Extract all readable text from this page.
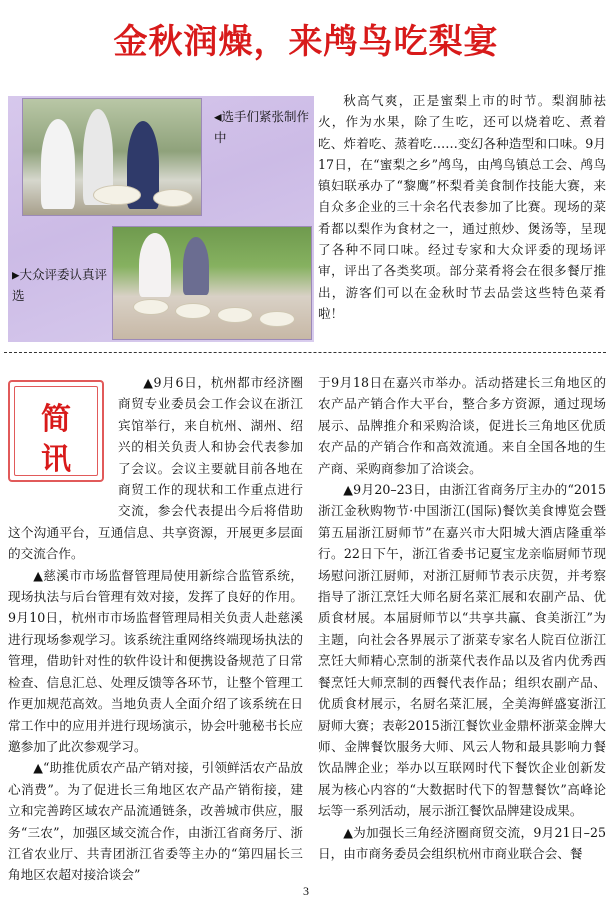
金秋润燥，来鸬鸟吃梨宴
◀选手们紧张制作中
▶大众评委认真评选

秋高气爽，正是蜜梨上市的时节。梨润肺祛火，作为水果，除了生吃，还可以烧着吃、煮着吃、炸着吃、蒸着吃……变幻各种造型和口味。9月17日，在“蜜梨之乡”鸬鸟，由鸬鸟镇总工会、鸬鸟镇妇联承办了“黎鹰”杯梨肴美食制作技能大赛，来自众多企业的三十余名代表参加了比赛。现场的菜肴都以梨作为食材之一，通过煎炒、煲汤等，呈现了各种不同口味。经过专家和大众评委的现场评审，评出了各类奖项。部分菜肴将会在很多餐厅推出，游客们可以在金秋时节去品尝这些特色菜肴啦！

简
讯

▲9月6日，杭州都市经济圈商贸专业委员会工作会议在浙江宾馆举行，来自杭州、湖州、绍兴的相关负责人和协会代表参加了会议。会议主要就目前各地在商贸工作的现状和工作重点进行交流，参会代表提出今后将借助这个沟通平台，互通信息、共享资源，开展更多层面的交流合作。

▲慈溪市市场监督管理局使用新综合监管系统，现场执法与后台管理有效对接，发挥了良好的作用。9月10日，杭州市市场监督管理局相关负责人赴慈溪进行现场参观学习。该系统注重网络终端现场执法的管理，借助针对性的软件设计和便携设备规范了日常检查、信息汇总、处理反馈等各环节，让整个管理工作更加规范高效。当地负责人全面介绍了该系统在日常工作中的应用并进行现场演示，协会叶驰秘书长应邀参加了此次参观学习。

▲“助推优质农产品产销对接，引领鲜活农产品放心消费”。为了促进长三角地区农产品产销衔接，建立和完善跨区域农产品流通链条，改善城市供应，服务“三农”，加强区域交流合作，由浙江省商务厅、浙江省农业厅、共青团浙江省委等主办的“第四届长三角地区农超对接洽谈会”

于9月18日在嘉兴市举办。活动搭建长三角地区的农产品产销合作大平台，整合多方资源，通过现场展示、品牌推介和采购洽谈，促进长三角地区优质农产品的产销合作和高效流通。来自全国各地的生产商、采购商参加了洽谈会。

▲9月20–23日，由浙江省商务厅主办的“2015浙江金秋购物节·中国浙江(国际)餐饮美食博览会暨第五届浙江厨师节”在嘉兴市大阳城大酒店隆重举行。22日下午，浙江省委书记夏宝龙亲临厨师节现场慰问浙江厨师，对浙江厨师节表示庆贺，并考察指导了浙江烹饪大师名厨名菜汇展和农副产品、优质食材展。本届厨师节以“共享共赢、食美浙江”为主题，向社会各界展示了浙菜专家名人院百位浙江烹饪大师精心烹制的浙菜代表作品以及省内优秀西餐烹饪大师烹制的西餐代表作品；组织农副产品、优质食材展示，名厨名菜汇展，全美海鲜盛宴浙江厨师大赛；表彰2015浙江餐饮业金鼎杯浙菜金牌大师、金牌餐饮服务大师、风云人物和最具影响力餐饮品牌企业；举办以互联网时代下餐饮企业创新发展为核心内容的“大数据时代下的智慧餐饮”高峰论坛等一系列活动，展示浙江餐饮品牌建设成果。

▲为加强长三角经济圈商贸交流，9月21日–25日，由市商务委员会组织杭州市商业联合会、餐

3
